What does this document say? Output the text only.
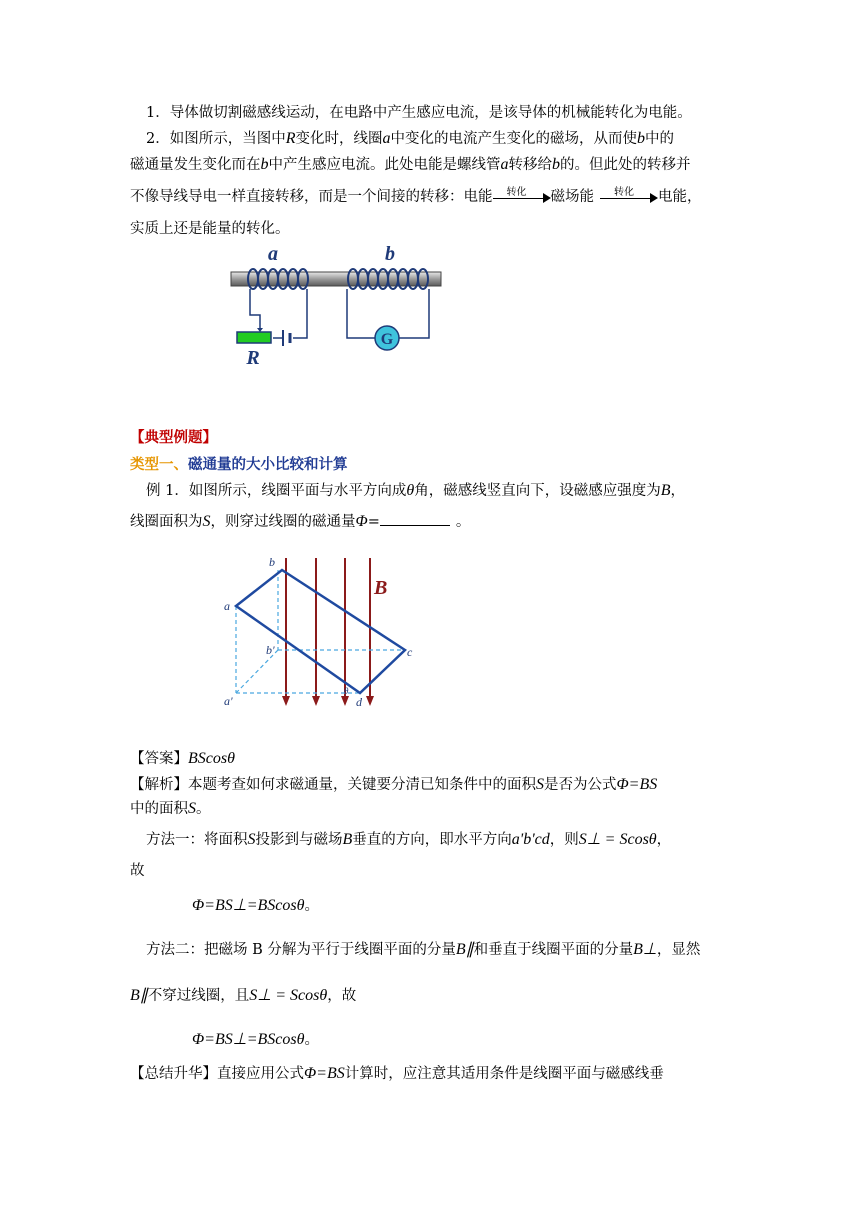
1．导体做切割磁感线运动，在电路中产生感应电流，是该导体的机械能转化为电能。
2．如图所示，当图中R变化时，线圈a中变化的电流产生变化的磁场，从而使b中的
磁通量发生变化而在b中产生感应电流。此处电能是螺线管a转移给b的。但此处的转移并
不像导线导电一样直接转移，而是一个间接的转移：电能 转化 磁场能 转化 电能，
实质上还是能量的转化。
G
a	b
R
【典型例题】
类型一、磁通量的大小比较和计算
例 1．如图所示，线圈平面与水平方向成θ角，磁感线竖直向下，设磁感应强度为B，
线圈面积为S，则穿过线圈的磁通量Φ=	。
B
a
b
c
b'
a'	d
θ
【答案】BScosθ
【解析】本题考查如何求磁通量，关键要分清已知条件中的面积S是否为公式Φ=BS
中的面积S。
方法一：将面积S投影到与磁场B垂直的方向，即水平方向a'b'cd，则S⊥ = Scosθ，
故
Φ=BS⊥=BScosθ。
方法二：把磁场 B 分解为平行于线圈平面的分量B∥和垂直于线圈平面的分量B⊥，显然
B∥不穿过线圈，且S⊥ = Scosθ，故
Φ=BS⊥=BScosθ。
【总结升华】直接应用公式Φ=BS计算时，应注意其适用条件是线圈平面与磁感线垂
